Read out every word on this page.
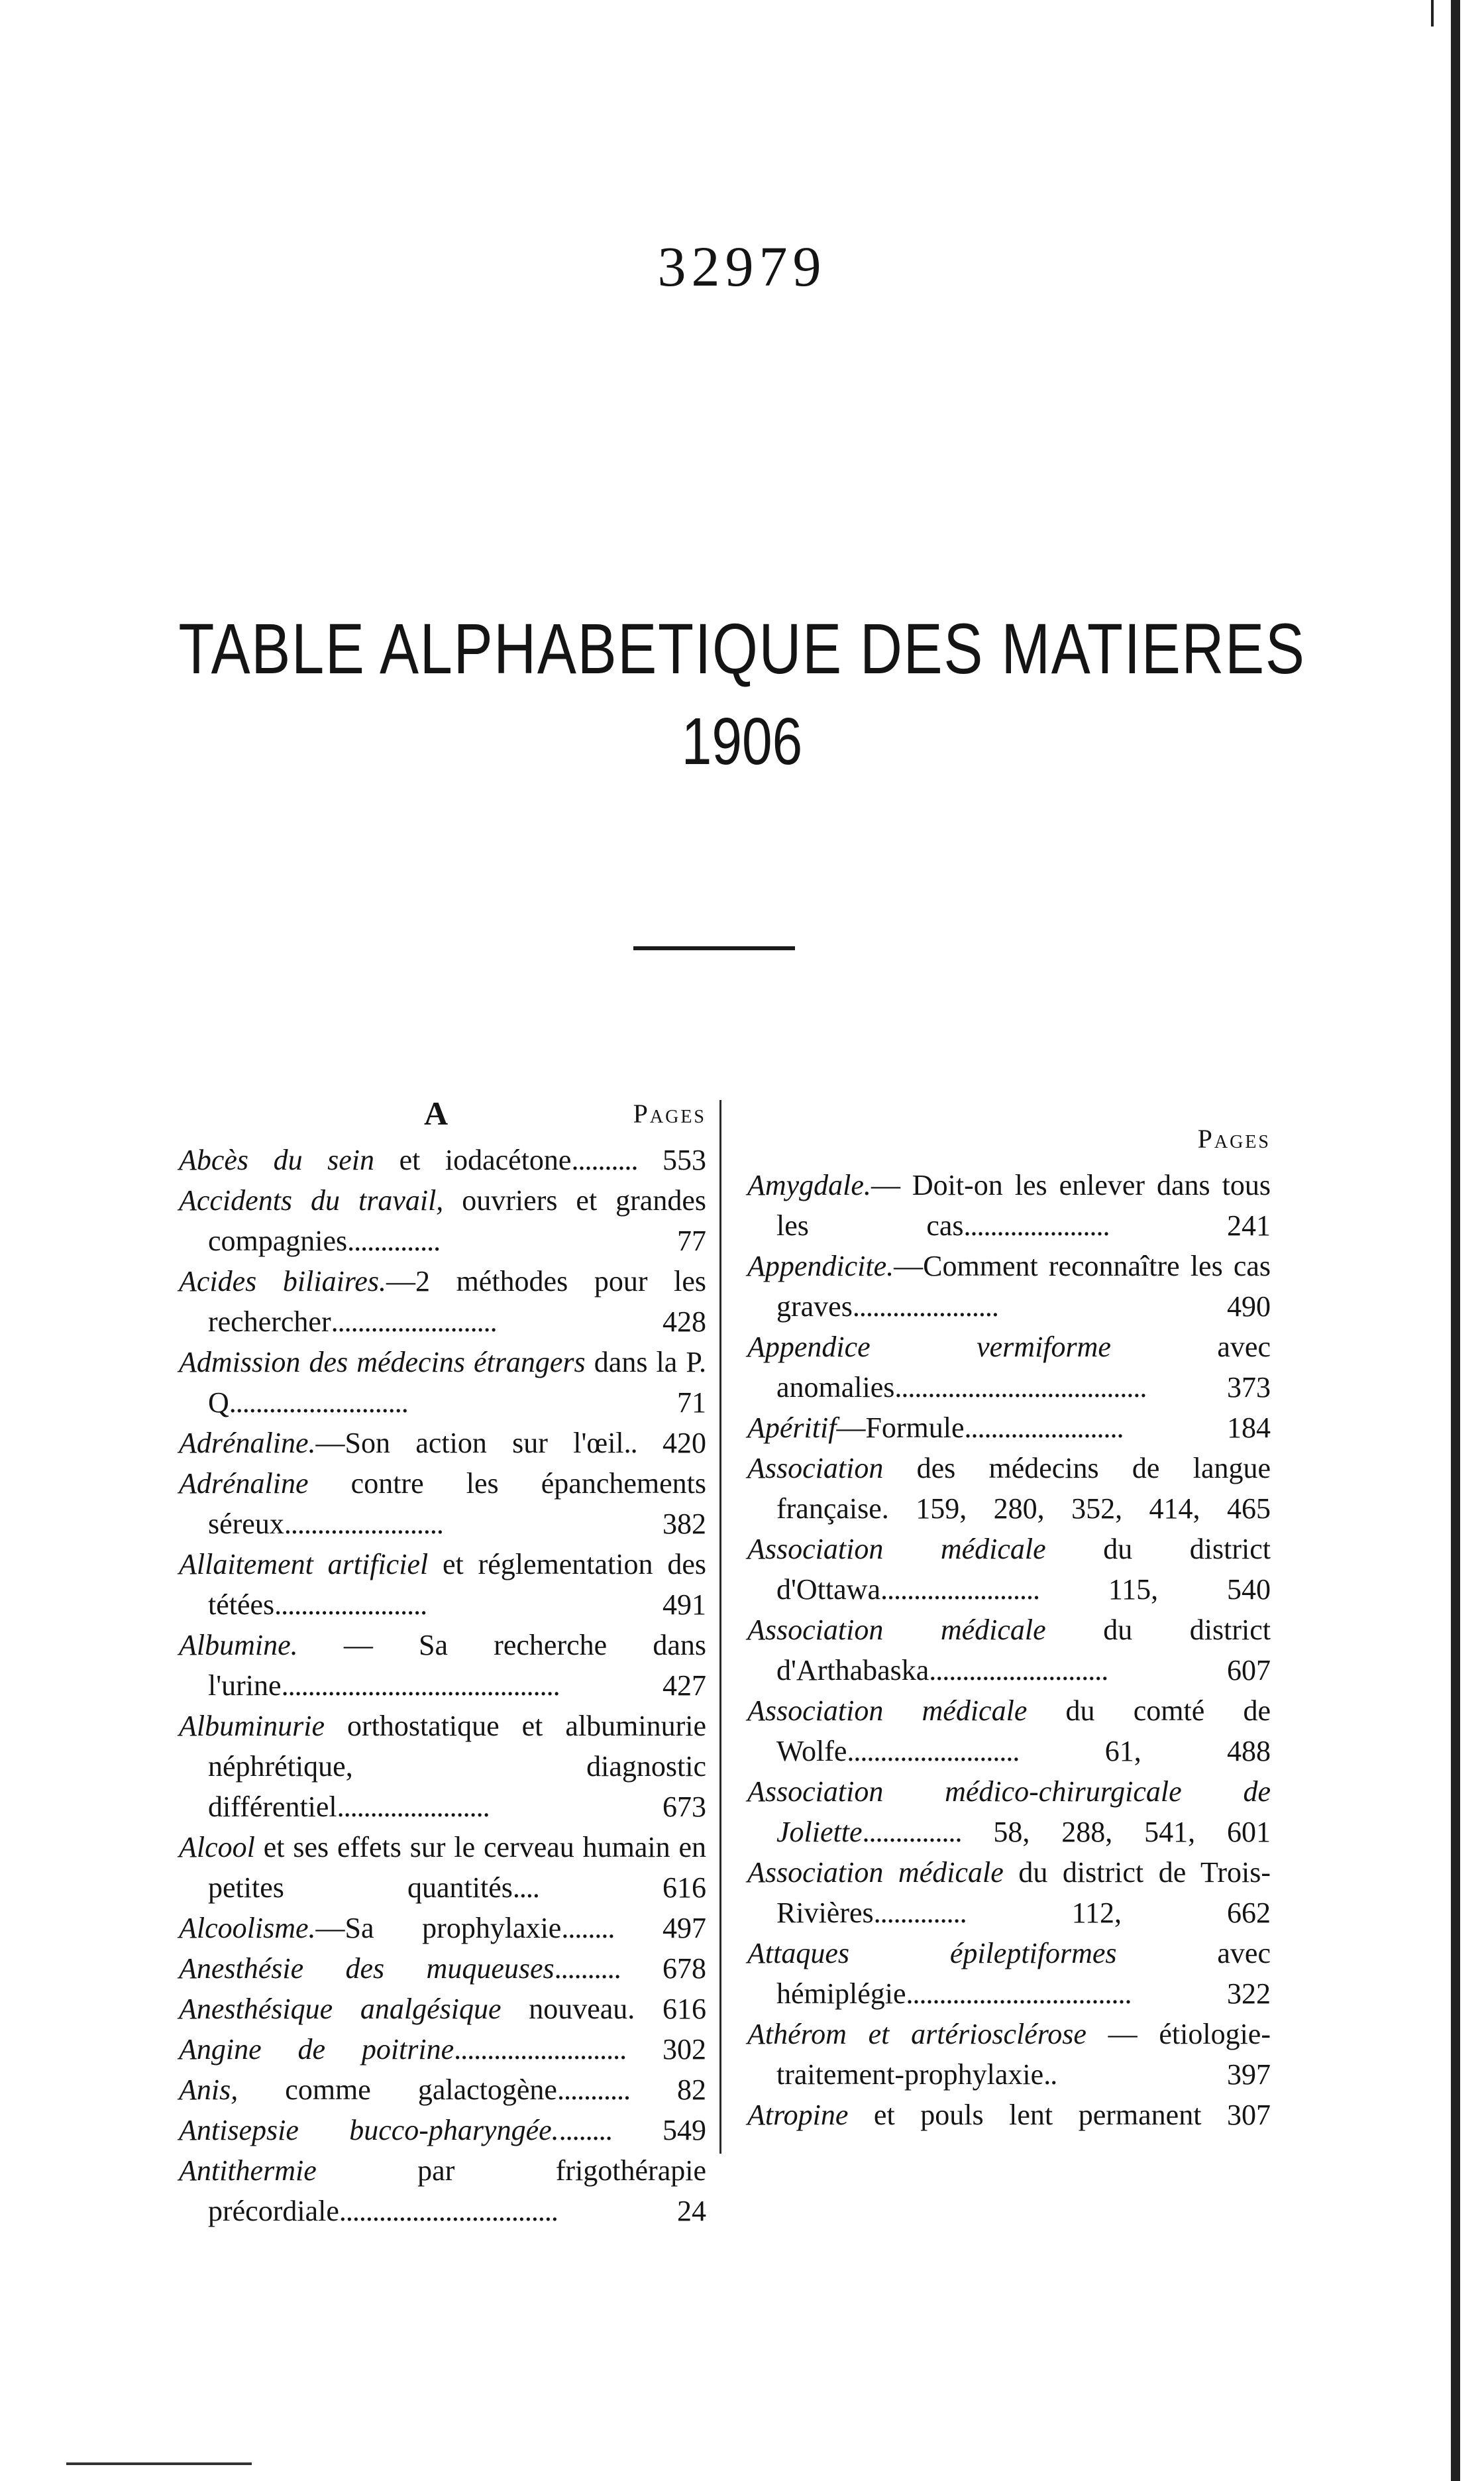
32979
TABLE ALPHABETIQUE DES MATIERES
1906
A	Pages

Abcès du sein et iodacétone.......... 553

Accidents du travail, ouvriers et grandes compagnies..............	77

Acides biliaires.—2 méthodes pour les rechercher.........................	428

Admission des médecins étrangers dans la P. Q...........................	71

Adrénaline.—Son action sur l'œil.. 420

Adrénaline contre les épanchements séreux........................	382

Allaitement artificiel et réglementation des tétées.......................	491

Albumine. — Sa recherche dans l'urine..........................................	427

Albuminurie orthostatique et albuminurie néphrétique, diagnostic différentiel.......................	673

Alcool et ses effets sur le cerveau humain en petites quantités....	616

Alcoolisme.—Sa prophylaxie........ 497

Anesthésie des muqueuses.......... 678

Anesthésique analgésique nouveau. 616

Angine de poitrine.......................... 302

Anis, comme galactogène........... 82

Antisepsie bucco-pharyngée......... 549

Antithermie par frigothérapie précordiale.................................	24

Pages

Amygdale.— Doit-on les enlever dans tous les cas......................	241

Appendicite.—Comment reconnaître les cas graves......................	490

Appendice vermiforme avec anomalies......................................	373

Apéritif—Formule........................	184

Association des médecins de langue française. 159, 280, 352, 414, 465

Association médicale du district d'Ottawa........................ 115, 540

Association médicale du district d'Arthabaska...........................	607

Association médicale du comté de Wolfe..........................	61, 488

Association médico-chirurgicale de Joliette............... 58, 288, 541, 601

Association médicale du district de Trois-Rivières..............	112, 662

Attaques épileptiformes avec hémiplégie..................................	322

Athérom et artériosclérose — étiologie-traitement-prophylaxie..	397

Atropine et pouls lent permanent 307
